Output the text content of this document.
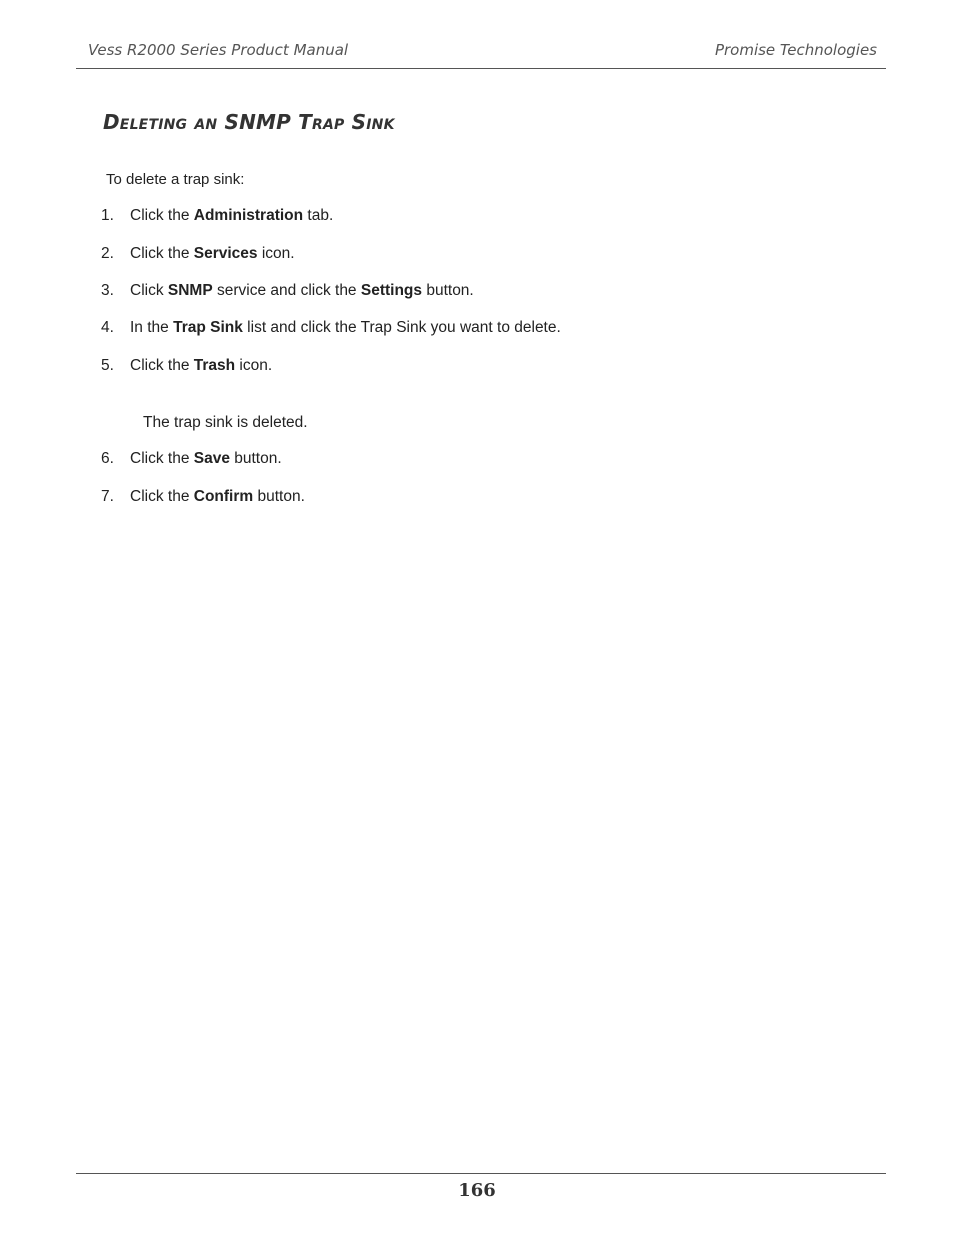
Vess R2000 Series Product Manual	Promise Technologies
Deleting an SNMP Trap Sink
To delete a trap sink:
1. Click the Administration tab.
2. Click the Services icon.
3. Click SNMP service and click the Settings button.
4. In the Trap Sink list and click the Trap Sink you want to delete.
5. Click the Trash icon.
The trap sink is deleted.
6. Click the Save button.
7. Click the Confirm button.
166
